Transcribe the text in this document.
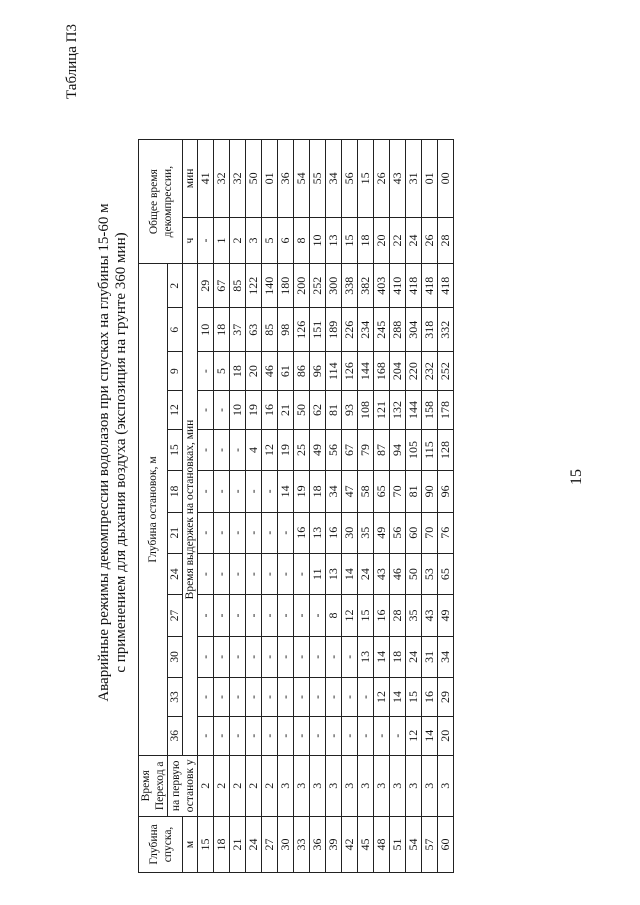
15
Таблица П3
Аварийные режимы декомпрессии водолазов при спусках на глубины 15-60 м с применением для дыхания воздуха (экспозиция на грунте 360 мин)
Глубина спуска,	Время Переход а	Глубина остановок, м												Общее время декомпрессии,	
	на первую остановк у	36	33	30	27	24	21	18	15	12	9	6	2		
м		Время выдержек на остановках, мин												ч	мин

15	2	-	-	-	-	-	-	-	-	-	-	10	29	-	41
18	2	-	-	-	-	-	-	-	-	-	5	18	67	1	32
21	2	-	-	-	-	-	-	-	-	10	18	37	85	2	32
24	2	-	-	-	-	-	-	-	4	19	20	63	122	3	50
27	2	-	-	-	-	-	-	-	12	16	46	85	140	5	01
30	3	-	-	-	-	-	-	14	19	21	61	98	180	6	36
33	3	-	-	-	-	-	16	19	25	50	86	126	200	8	54
36	3	-	-	-	-	11	13	18	49	62	96	151	252	10	55
39	3	-	-	-	8	13	16	34	56	81	114	189	300	13	34
42	3	-	-	-	12	14	30	47	67	93	126	226	338	15	56
45	3	-	-	13	15	24	35	58	79	108	144	234	382	18	15
48	3	-	12	14	16	43	49	65	87	121	168	245	403	20	26
51	3	-	14	18	28	46	56	70	94	132	204	288	410	22	43
54	3	12	15	24	35	50	60	81	105	144	220	304	418	24	31
57	3	14	16	31	43	53	70	90	115	158	232	318	418	26	01
60	3	20	29	34	49	65	76	96	128	178	252	332	418	28	00
